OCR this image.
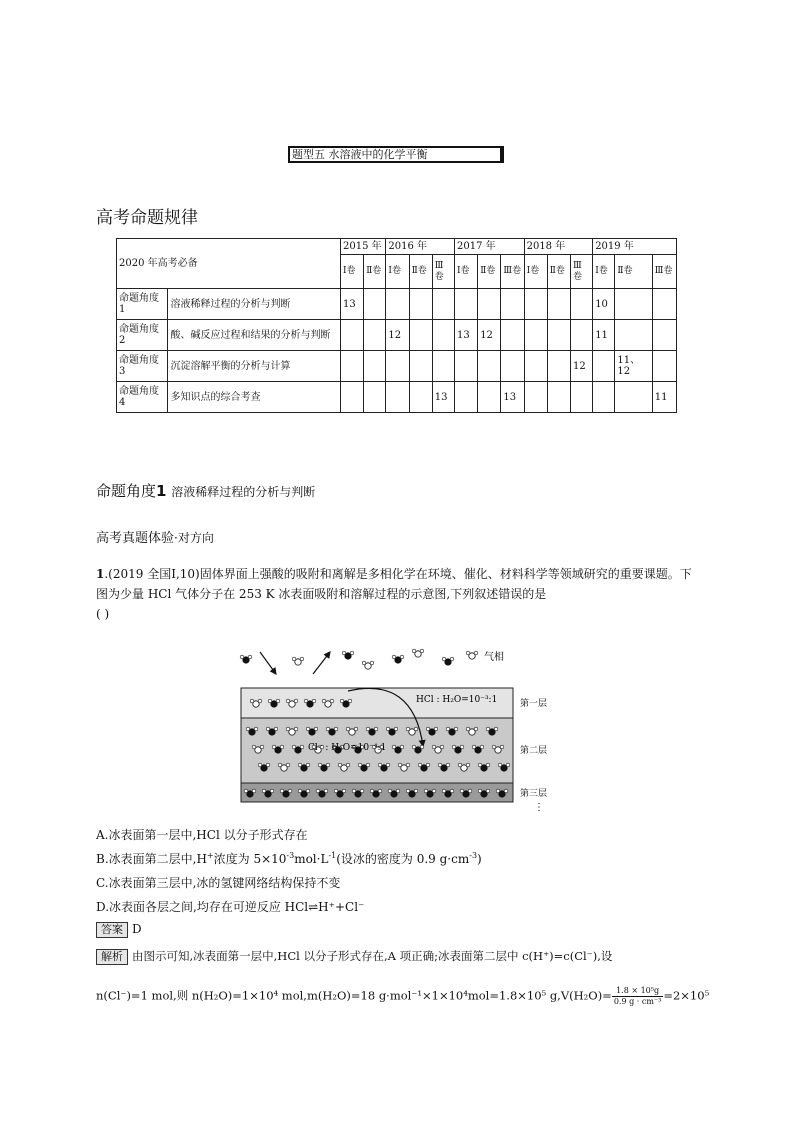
题型五 水溶液中的化学平衡
高考命题规律
2020 年高考必备		2015 年		2016 年			2017 年			2018 年			2019 年		
		Ⅰ卷	Ⅱ卷	Ⅰ卷	Ⅱ卷	Ⅲ卷	Ⅰ卷	Ⅱ卷	Ⅲ卷	Ⅰ卷	Ⅱ卷	Ⅲ卷	Ⅰ卷	Ⅱ卷	Ⅲ卷
命题角度 1	溶液稀释过程的分析与判断	13											10		
命题角度 2	酸、碱反应过程和结果的分析与判断			12			13	12					11		
命题角度 3	沉淀溶解平衡的分析与计算											12		11、12	
命题角度 4	多知识点的综合考查					13			13						11
命题角度1 溶液稀释过程的分析与判断
高考真题体验·对方向
1.(2019 全国Ⅰ,10)固体界面上强酸的吸附和离解是多相化学在环境、催化、材料科学等领域研究的重要课题。下图为少量 HCl 气体分子在 253 K 冰表面吸附和溶解过程的示意图,下列叙述错误的是
( )
气相
HCl : H₂O=10⁻³:1
Cl⁻ : H₂O=10⁻⁴:1
第一层
第二层
第三层
⋮
A.冰表面第一层中,HCl 以分子形式存在
B.冰表面第二层中,H+浓度为 $5\times 10^{-3}mol\cdot L^{-1}$(设冰的密度为 0.9 $g\cdot cm^{-3}$)
C.冰表面第三层中,冰的氢键网络结构保持不变
D.冰表面各层之间,均存在可逆反应 HCl⇌H⁺+Cl⁻
答案 D
解析 由图示可知,冰表面第一层中,HCl 以分子形式存在,A 项正确;冰表面第二层中 c(H⁺)=c(Cl⁻),设
n(Cl⁻)=1 mol,则 n(H₂O)=1×10⁴ mol,m(H₂O)=18 g·mol⁻¹×1×10⁴mol=1.8×10⁵ $g,V(H_2O)= \frac{\text{1.8 × 10⁵g}}{\text{0.9 g · cm⁻³}} =2\times 10^5$
